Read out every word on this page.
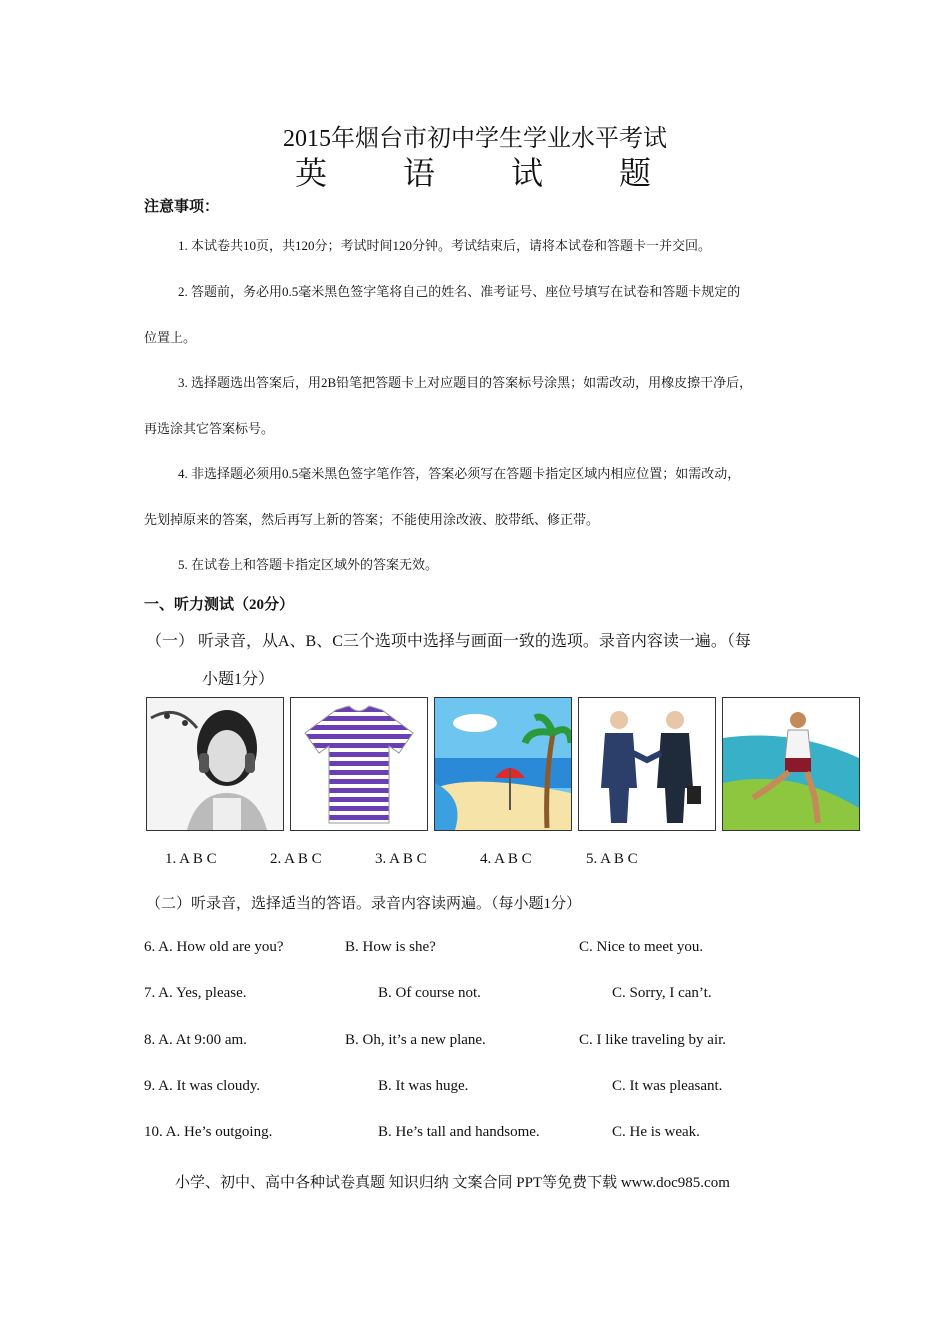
2015年烟台市初中学生学业水平考试
英 语 试 题
注意事项：
1. 本试卷共10页，共120分；考试时间120分钟。考试结束后，请将本试卷和答题卡一并交回。
2. 答题前，务必用0.5毫米黑色签字笔将自己的姓名、准考证号、座位号填写在试卷和答题卡规定的
位置上。
3. 选择题选出答案后，用2B铅笔把答题卡上对应题目的答案标号涂黑；如需改动，用橡皮擦干净后，
再选涂其它答案标号。
4. 非选择题必须用0.5毫米黑色签字笔作答，答案必须写在答题卡指定区域内相应位置；如需改动，
先划掉原来的答案，然后再写上新的答案；不能使用涂改液、胶带纸、修正带。
5. 在试卷上和答题卡指定区域外的答案无效。
一、听力测试（20分）
（一） 听录音，从A、B、C三个选项中选择与画面一致的选项。录音内容读一遍。（每
小题1分）
1. A B C	2. A B C	3. A B C	4. A B C	5. A B C
（二）听录音，选择适当的答语。录音内容读两遍。（每小题1分）
6. A. How old are you?	B. How is she?	C. Nice to meet you.
7. A. Yes, please.	B. Of course not.	C. Sorry, I can’t.
8. A. At 9:00 am.	B. Oh, it’s a new plane.	C. I like traveling by air.
9. A. It was cloudy.	B. It was huge.	C. It was pleasant.
10. A. He’s outgoing.	B. He’s tall and handsome.	C. He is weak.
小学、初中、高中各种试卷真题 知识归纳 文案合同 PPT等免费下载 www.doc985.com
